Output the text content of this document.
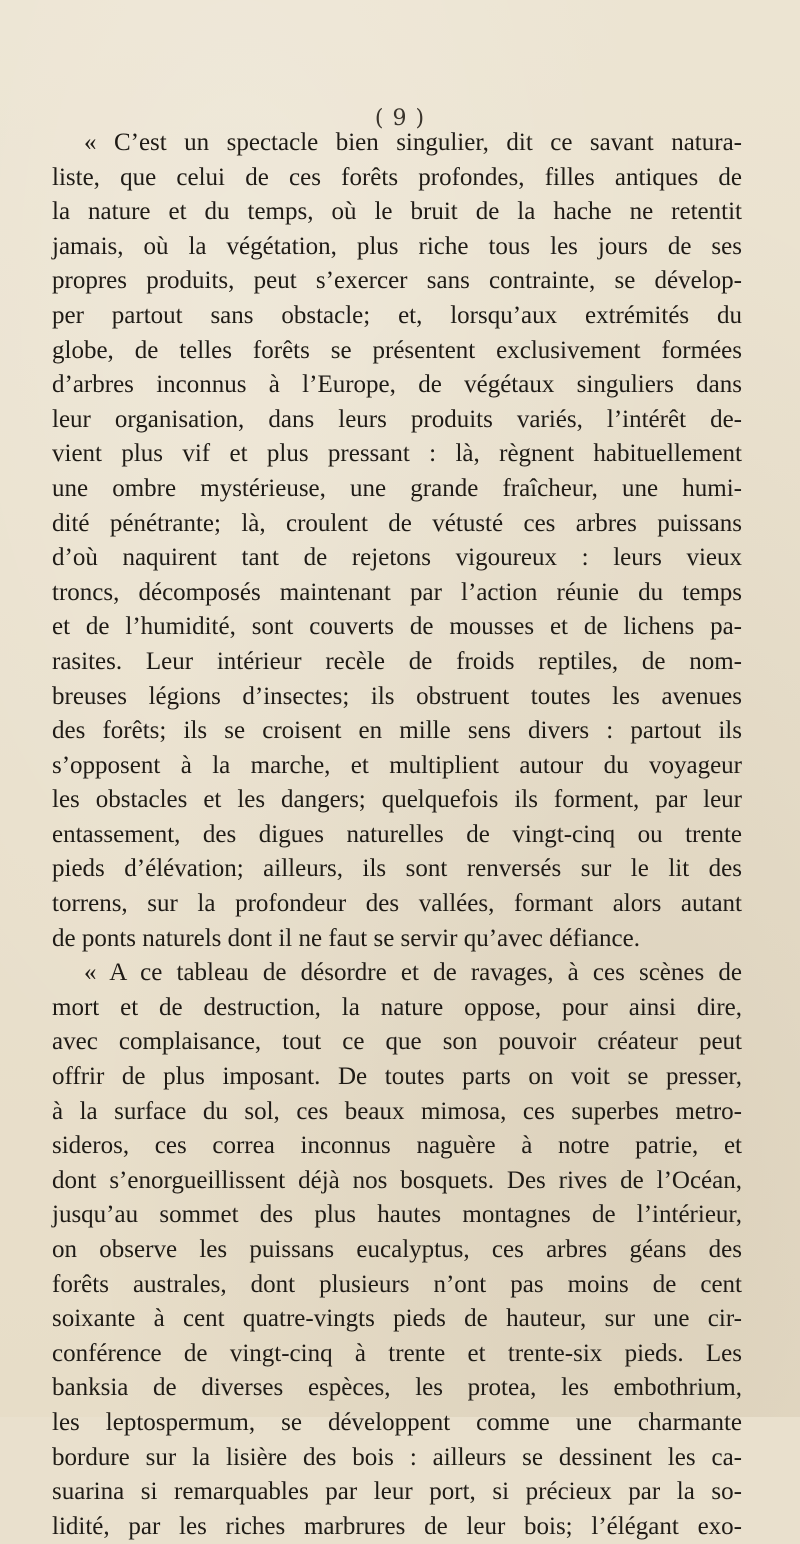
( 9 )
« C’est un spectacle bien singulier, dit ce savant natura-
liste, que celui de ces forêts profondes, filles antiques de
la nature et du temps, où le bruit de la hache ne retentit
jamais, où la végétation, plus riche tous les jours de ses
propres produits, peut s’exercer sans contrainte, se dévelop-
per partout sans obstacle; et, lorsqu’aux extrémités du
globe, de telles forêts se présentent exclusivement formées
d’arbres inconnus à l’Europe, de végétaux singuliers dans
leur organisation, dans leurs produits variés, l’intérêt de-
vient plus vif et plus pressant : là, règnent habituellement
une ombre mystérieuse, une grande fraîcheur, une humi-
dité pénétrante; là, croulent de vétusté ces arbres puissans
d’où naquirent tant de rejetons vigoureux : leurs vieux
troncs, décomposés maintenant par l’action réunie du temps
et de l’humidité, sont couverts de mousses et de lichens pa-
rasites. Leur intérieur recèle de froids reptiles, de nom-
breuses légions d’insectes; ils obstruent toutes les avenues
des forêts; ils se croisent en mille sens divers : partout ils
s’opposent à la marche, et multiplient autour du voyageur
les obstacles et les dangers; quelquefois ils forment, par leur
entassement, des digues naturelles de vingt-cinq ou trente
pieds d’élévation; ailleurs, ils sont renversés sur le lit des
torrens, sur la profondeur des vallées, formant alors autant
de ponts naturels dont il ne faut se servir qu’avec défiance.
« A ce tableau de désordre et de ravages, à ces scènes de
mort et de destruction, la nature oppose, pour ainsi dire,
avec complaisance, tout ce que son pouvoir créateur peut
offrir de plus imposant. De toutes parts on voit se presser,
à la surface du sol, ces beaux mimosa, ces superbes metro-
sideros, ces correa inconnus naguère à notre patrie, et
dont s’enorgueillissent déjà nos bosquets. Des rives de l’Océan,
jusqu’au sommet des plus hautes montagnes de l’intérieur,
on observe les puissans eucalyptus, ces arbres géans des
forêts australes, dont plusieurs n’ont pas moins de cent
soixante à cent quatre-vingts pieds de hauteur, sur une cir-
conférence de vingt-cinq à trente et trente-six pieds. Les
banksia de diverses espèces, les protea, les embothrium,
les leptospermum, se développent comme une charmante
bordure sur la lisière des bois : ailleurs se dessinent les ca-
suarina si remarquables par leur port, si précieux par la so-
lidité, par les riches marbrures de leur bois; l’élégant exo-
